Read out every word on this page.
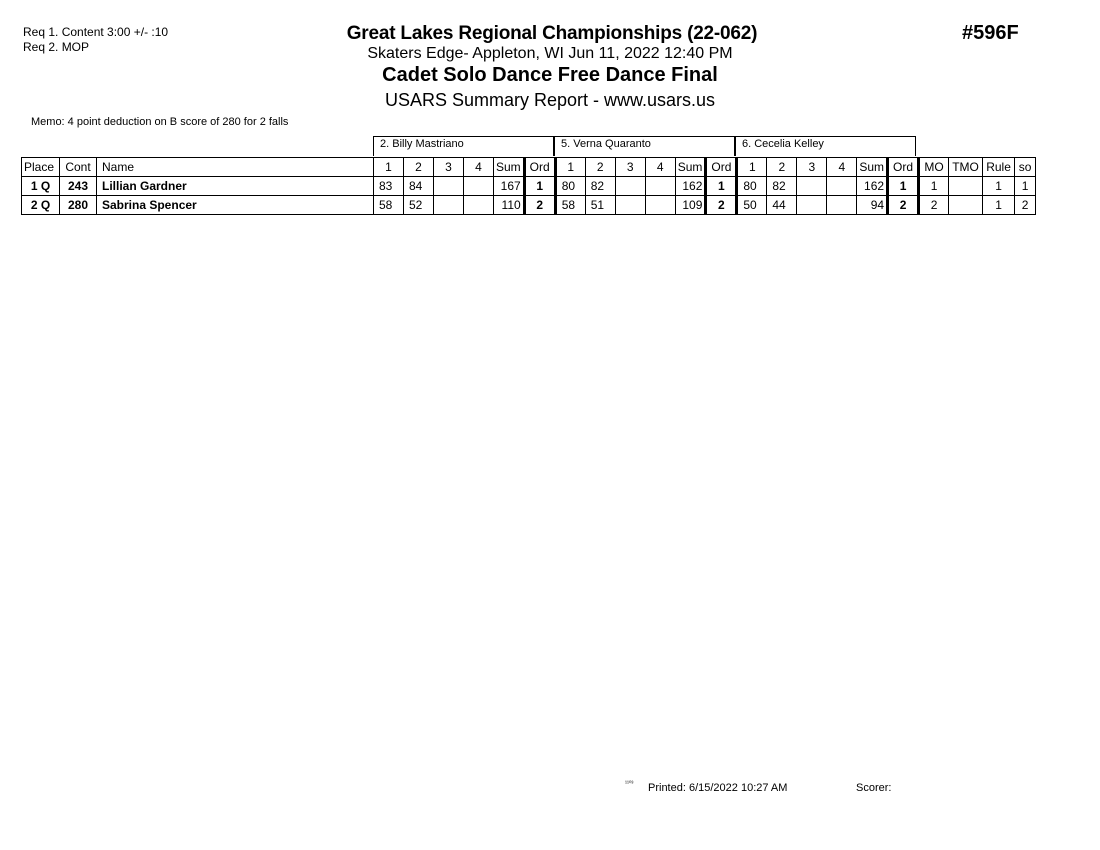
Req 1. Content 3:00 +/- :10
Req 2. MOP
Great Lakes Regional Championships (22-062)
Skaters Edge- Appleton, WI Jun 11, 2022 12:40 PM
Cadet Solo Dance Free Dance Final
USARS Summary Report - www.usars.us
#596F
Memo: 4 point deduction on B score of 280 for 2 falls
2. Billy Mastriano	5. Verna Quaranto	6. Cecelia Kelley
Place	Cont	Name	1	2	3	4	Sum	Ord	1	2	3	4	Sum	Ord	1	2	3	4	Sum	Ord	MO	TMO	Rule	so
1 Q	243	Lillian Gardner	83	84			167	1	80	82			162	1	80	82			162	1	1		1	1
2 Q	280	Sabrina Spencer	58	52			110	2	58	51			109	2	50	44			94	2	2		1	2
¹¹⁰³ Printed: 6/15/2022 10:27 AM	Scorer:
